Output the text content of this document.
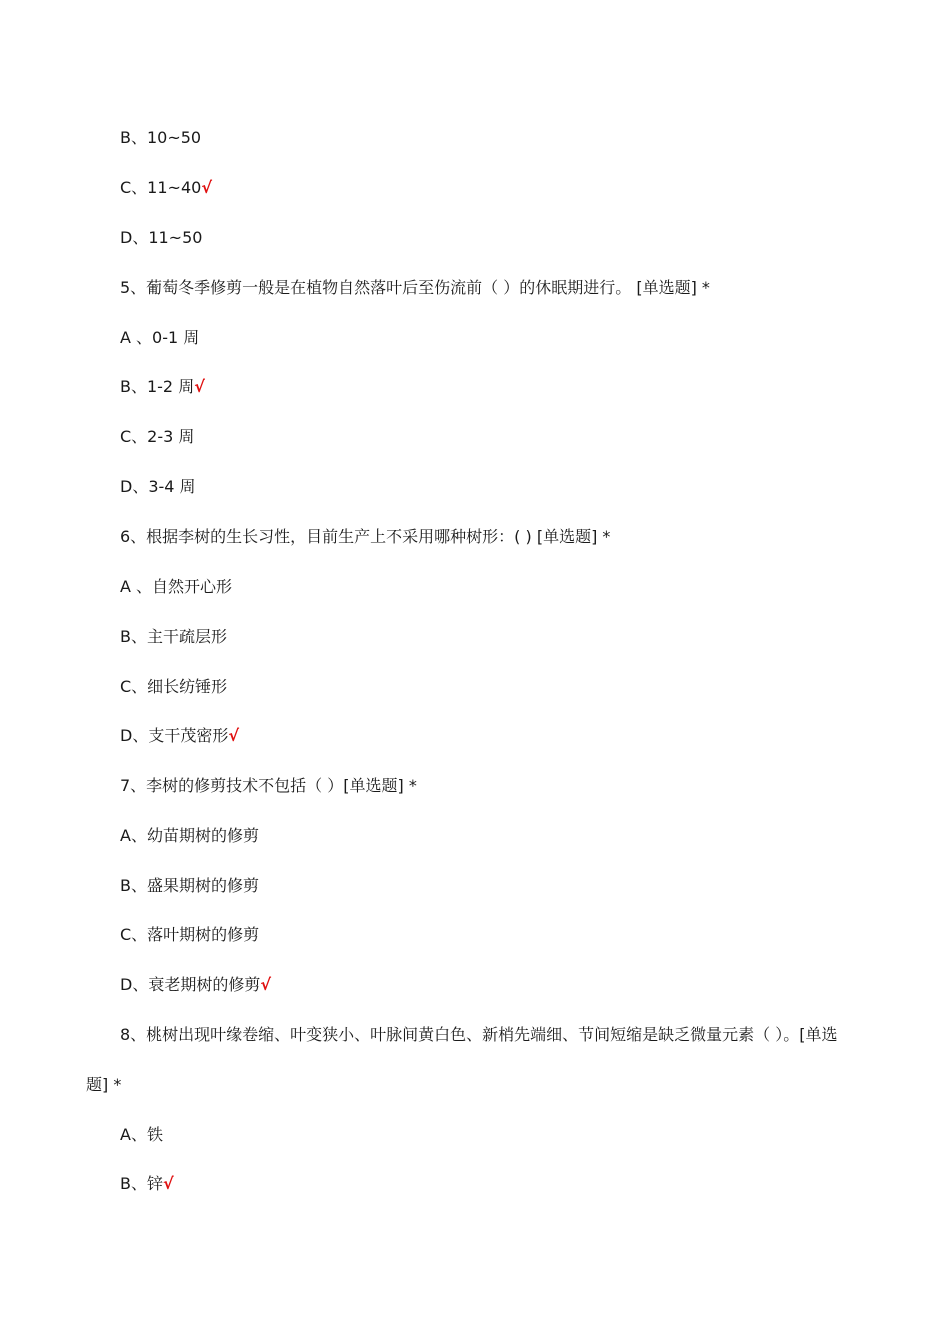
B、10~50
C、11~40√
D、11~50
5、葡萄冬季修剪一般是在植物自然落叶后至伤流前（ ）的休眠期进行。 [单选题] *
A 、0-1 周
B、1-2 周√
C、2-3 周
D、3-4 周
6、根据李树的生长习性，目前生产上不采用哪种树形：( ) [单选题] *
A 、自然开心形
B、主干疏层形
C、细长纺锤形
D、支干茂密形√
7、李树的修剪技术不包括（ ）[单选题] *
A、幼苗期树的修剪
B、盛果期树的修剪
C、落叶期树的修剪
D、衰老期树的修剪√
8、桃树出现叶缘卷缩、叶变狭小、叶脉间黄白色、新梢先端细、节间短缩是缺乏微量元素（ ）。[单选
题] *
A、铁
B、锌√
